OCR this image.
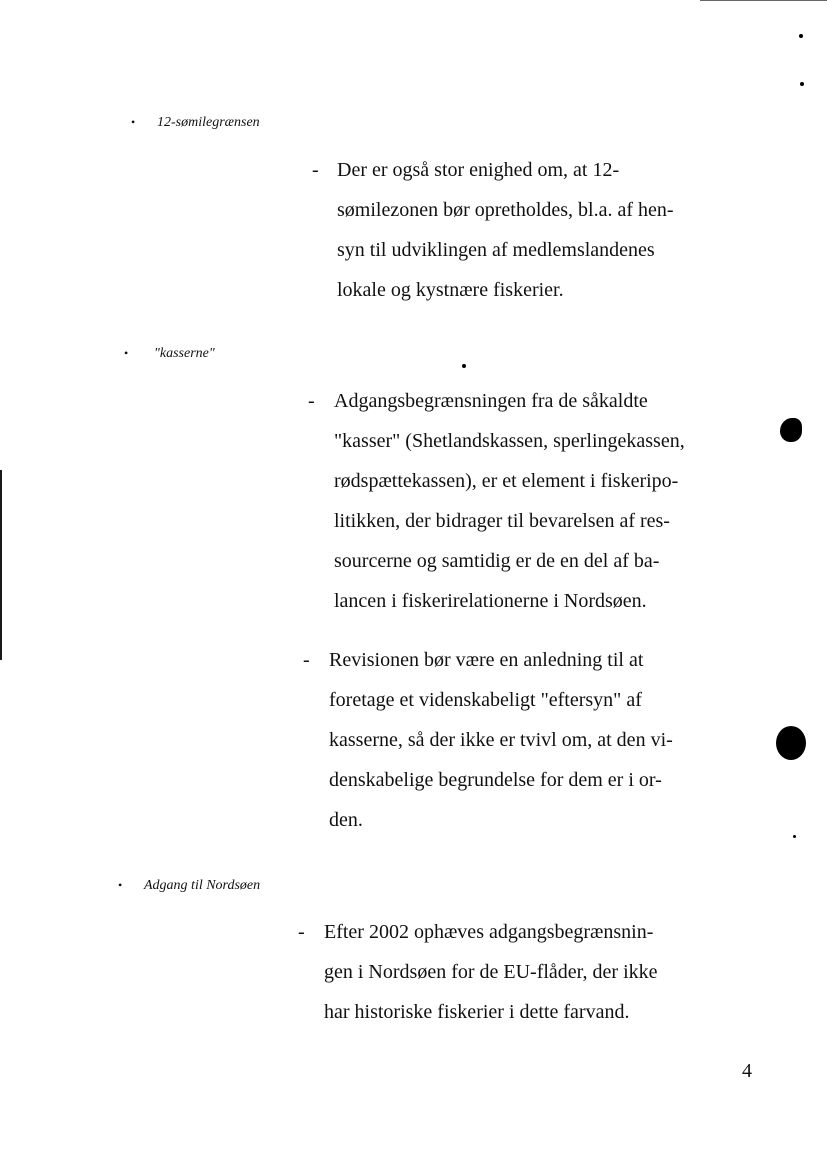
• 12-sømilegrænsen
- Der er også stor enighed om, at 12-
sømilezonen bør opretholdes, bl.a. af hen-
syn til udviklingen af medlemslandenes
lokale og kystnære fiskerier.
• "kasserne"
- Adgangsbegrænsningen fra de såkaldte
"kasser" (Shetlandskassen, sperlingekassen,
rødspættekassen), er et element i fiskeripo-
litikken, der bidrager til bevarelsen af res-
sourcerne og samtidig er de en del af ba-
lancen i fiskerirelationerne i Nordsøen.
- Revisionen bør være en anledning til at
foretage et videnskabeligt "eftersyn" af
kasserne, så der ikke er tvivl om, at den vi-
denskabelige begrundelse for dem er i or-
den.
• Adgang til Nordsøen
- Efter 2002 ophæves adgangsbegrænsnin-
gen i Nordsøen for de EU-flåder, der ikke
har historiske fiskerier i dette farvand.
4
